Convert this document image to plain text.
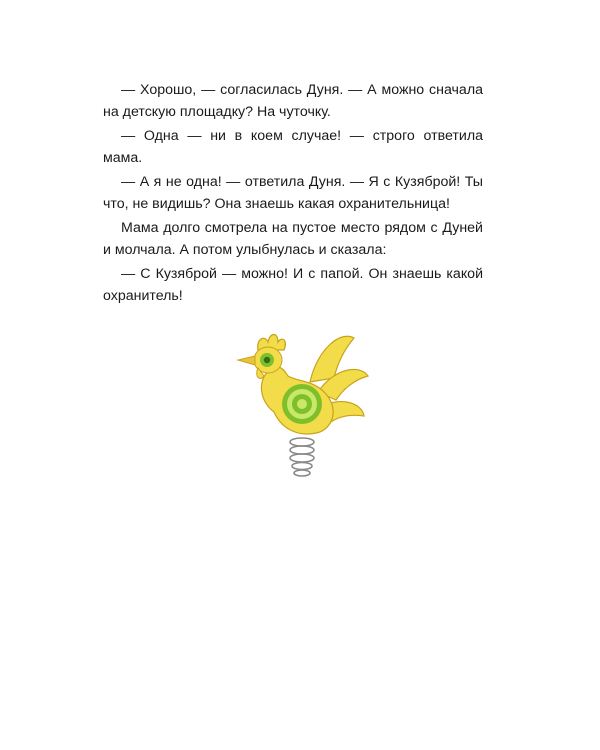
— Хорошо, — согласилась Дуня. — А можно сначала на детскую площадку? На чуточку.

— Одна — ни в коем случае! — строго ответила мама.

— А я не одна! — ответила Дуня. — Я с Кузяброй! Ты что, не видишь? Она знаешь какая охранительница!

Мама долго смотрела на пустое место рядом с Дуней и молчала. А потом улыбнулась и сказала:

— С Кузяброй — можно! И с папой. Он знаешь какой охранитель!
